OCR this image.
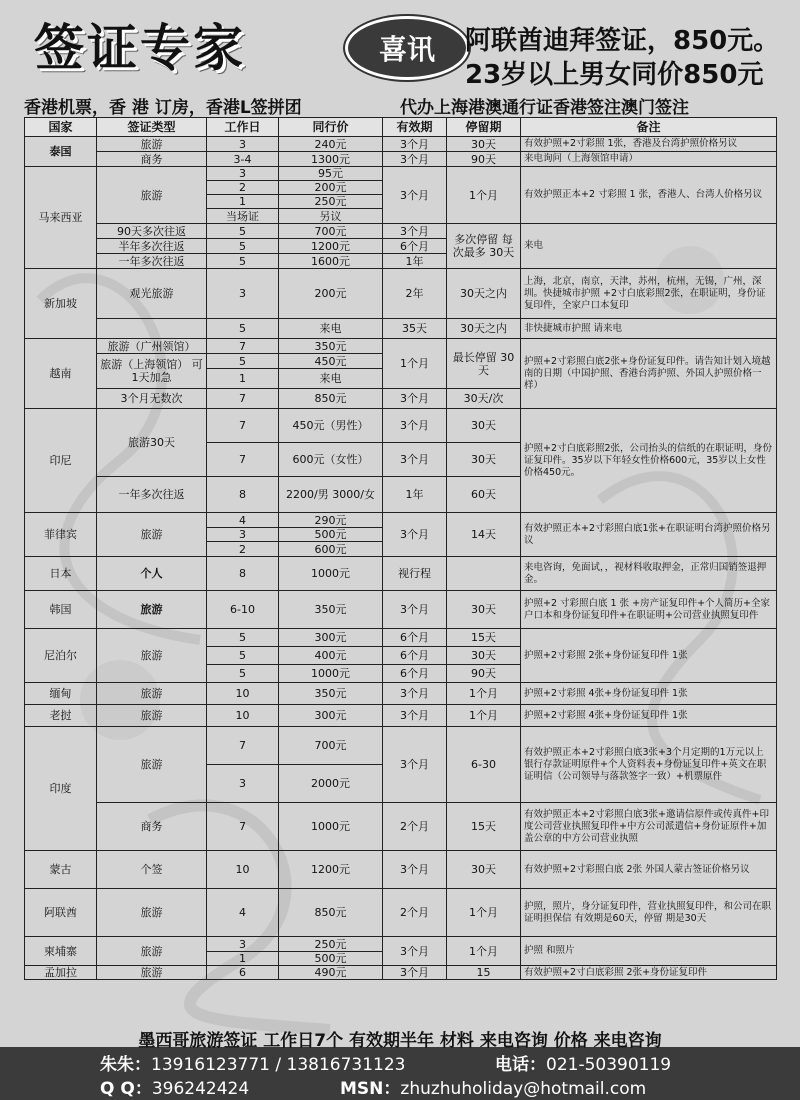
签证专家	喜讯	阿联酋迪拜签证，850元。
23岁以上男女同价850元
香港机票，香 港 订房，香港L签拼团	代办上海港澳通行证香港签注澳门签注
国家	签证类型	工作日	同行价	有效期	停留期	备注
泰国	旅游	3	240元	3个月	30天	有效护照+2寸彩照 1张，香港及台湾护照价格另议
	商务	3-4	1300元	3个月	90天	来电询问（上海领馆申请）
马来西亚	旅游	3	95元	3个月	1个月	有效护照正本+2 寸彩照 1 张，香港人、台湾人价格另议
		2	200元			
		1	250元			
		当场证	另议			
	90天多次往返	5	700元	3个月	多次停留 每次最多 30天	来电
	半年多次往返	5	1200元	6个月		
	一年多次往返	5	1600元	1年		
新加坡	观光旅游	3	200元	2年	30天之内	上海，北京，南京，天津，苏州，杭州，无锡，广州，深圳。快捷城市护照 +2寸白底彩照2张，在职证明，身份证复印件，全家户口本复印
		5	来电	35天	30天之内	非快捷城市护照 请来电
越南	旅游（广州领馆）	7	350元	1个月	最长停留 30天	护照+2寸彩照白底2张+身份证复印件。请告知计划入境越南的日期（中国护照、香港台湾护照、外国人护照价格一样）
	旅游（上海领馆） 可1天加急	5	450元			
		1	来电			
	3个月无数次	7	850元	3个月	30天/次	
印尼	旅游30天	7	450元（男性）	3个月	30天	护照+2寸白底彩照2张，公司抬头的信纸的在职证明，身份证复印件。35岁以下年轻女性价格600元，35岁以上女性价格450元。
		7	600元（女性）	3个月	30天	
	一年多次往返	8	2200/男 3000/女	1年	60天	
菲律宾	旅游	4	290元	3个月	14天	有效护照正本+2寸彩照白底1张+在职证明台湾护照价格另议
		3	500元			
		2	600元			
日本	个人	8	1000元	视行程		来电咨询，免面试，，视材料收取押金，正常归国销签退押金。
韩国	旅游	6-10	350元	3个月	30天	护照+2 寸彩照白底 1 张 +房产证复印件+个人简历+全家户口本和身份证复印件+在职证明+公司营业执照复印件
尼泊尔	旅游	5	300元	6个月	15天	护照+2寸彩照 2张+身份证复印件 1张
		5	400元	6个月	30天	
		5	1000元	6个月	90天	
缅甸	旅游	10	350元	3个月	1个月	护照+2寸彩照 4张+身份证复印件 1张
老挝	旅游	10	300元	3个月	1个月	护照+2寸彩照 4张+身份证复印件 1张
印度	旅游	7	700元	3个月	6-30	有效护照正本+2寸彩照白底3张+3个月定期的1万元以上银行存款证明原件+个人资料表+身份证复印件+英文在职证明信（公司领导与落款签字一致）+机票原件
		3	2000元			
	商务	7	1000元	2个月	15天	有效护照正本+2寸彩照白底3张+邀请信原件或传真件+印度公司营业执照复印件+中方公司派遣信+身份证原件+加盖公章的中方公司营业执照
蒙古	个签	10	1200元	3个月	30天	有效护照+2寸彩照白底 2张 外国人蒙古签证价格另议
阿联酋	旅游	4	850元	2个月	1个月	护照，照片，身分证复印件，营业执照复印件，和公司在职证明担保信 有效期是60天，停留 期是30天
柬埔寨	旅游	3	250元	3个月	1个月	护照 和照片
		1	500元			
孟加拉	旅游	6	490元	3个月	15	有效护照+2寸白底彩照 2张+身份证复印件
墨西哥旅游签证 工作日7个 有效期半年 材料 来电咨询 价格 来电咨询
朱朱：13916123771 / 13816731123	电话：021-50390119
Q Q：396242424	MSN：zhuzhuholiday@hotmail.com
